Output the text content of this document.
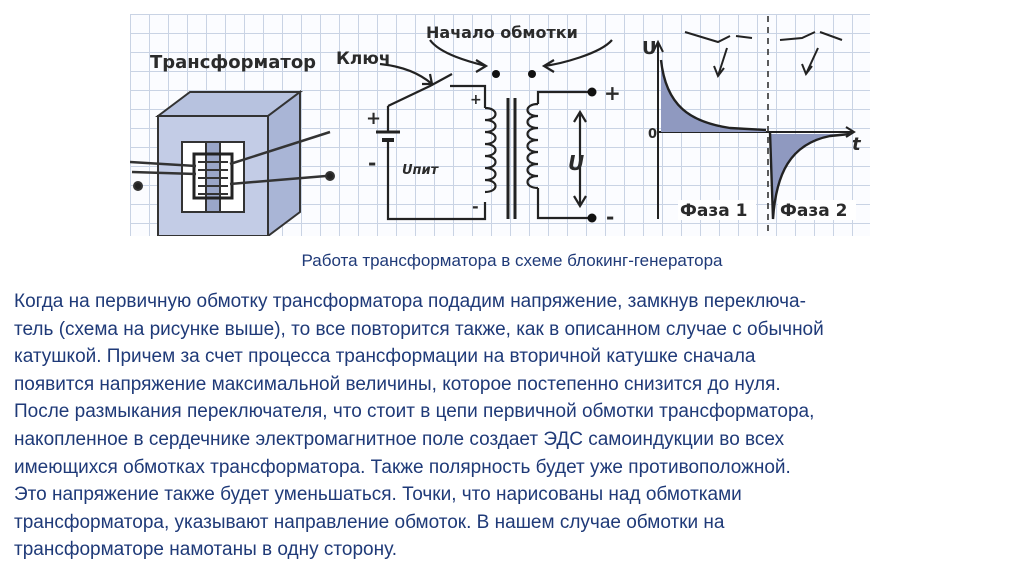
Трансформатор Ключ
Начало обмотки
+
- Uпит
+
-
U
+
-
U
t
0
Фаза 1 Фаза 2
Работа трансформатора в схеме блокинг-генератора
Когда на первичную обмотку трансформатора подадим напряжение, замкнув переключа-
тель (схема на рисунке выше), то все повторится также, как в описанном случае с обычной
катушкой. Причем за счет процесса трансформации на вторичной катушке сначала
появится напряжение максимальной величины, которое постепенно снизится до нуля.
После размыкания переключателя, что стоит в цепи первичной обмотки трансформатора,
накопленное в сердечнике электромагнитное поле создает ЭДС самоиндукции во всех
имеющихся обмотках трансформатора. Также полярность будет уже противоположной.
Это напряжение также будет уменьшаться. Точки, что нарисованы над обмотками
трансформатора, указывают направление обмоток. В нашем случае обмотки на
трансформаторе намотаны в одну сторону.
